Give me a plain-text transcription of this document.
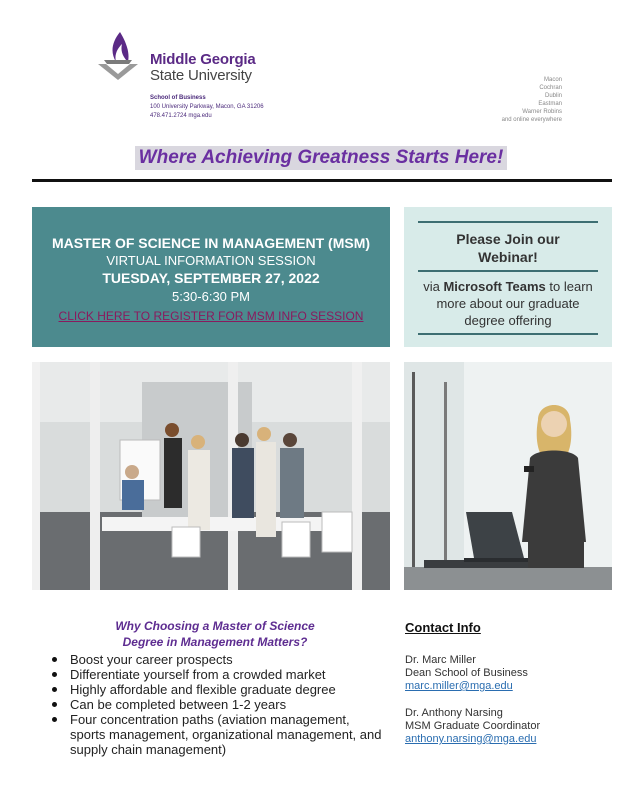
Middle Georgia
State University
School of Business
100 University Parkway, Macon, GA 31206
478.471.2724 mga.edu
Macon
Cochran
Dublin
Eastman
Warner Robins
and online everywhere
Where Achieving Greatness Starts Here!
MASTER OF SCIENCE IN MANAGEMENT (MSM)
VIRTUAL INFORMATION SESSION
TUESDAY, SEPTEMBER 27, 2022
5:30-6:30 PM
CLICK HERE TO REGISTER FOR MSM INFO SESSION
Please Join our
Webinar!
via Microsoft Teams to learn
more about our graduate
degree offering
Why Choosing a Master of Science
Degree in Management Matters?
Boost your career prospects
Differentiate yourself from a crowded market
Highly affordable and flexible graduate degree
Can be completed between 1-2 years
Four concentration paths (aviation management, sports management, organizational management, and supply chain management)
Contact Info
Dr. Marc Miller
Dean School of Business
marc.miller@mga.edu
Dr. Anthony Narsing
MSM Graduate Coordinator
anthony.narsing@mga.edu
